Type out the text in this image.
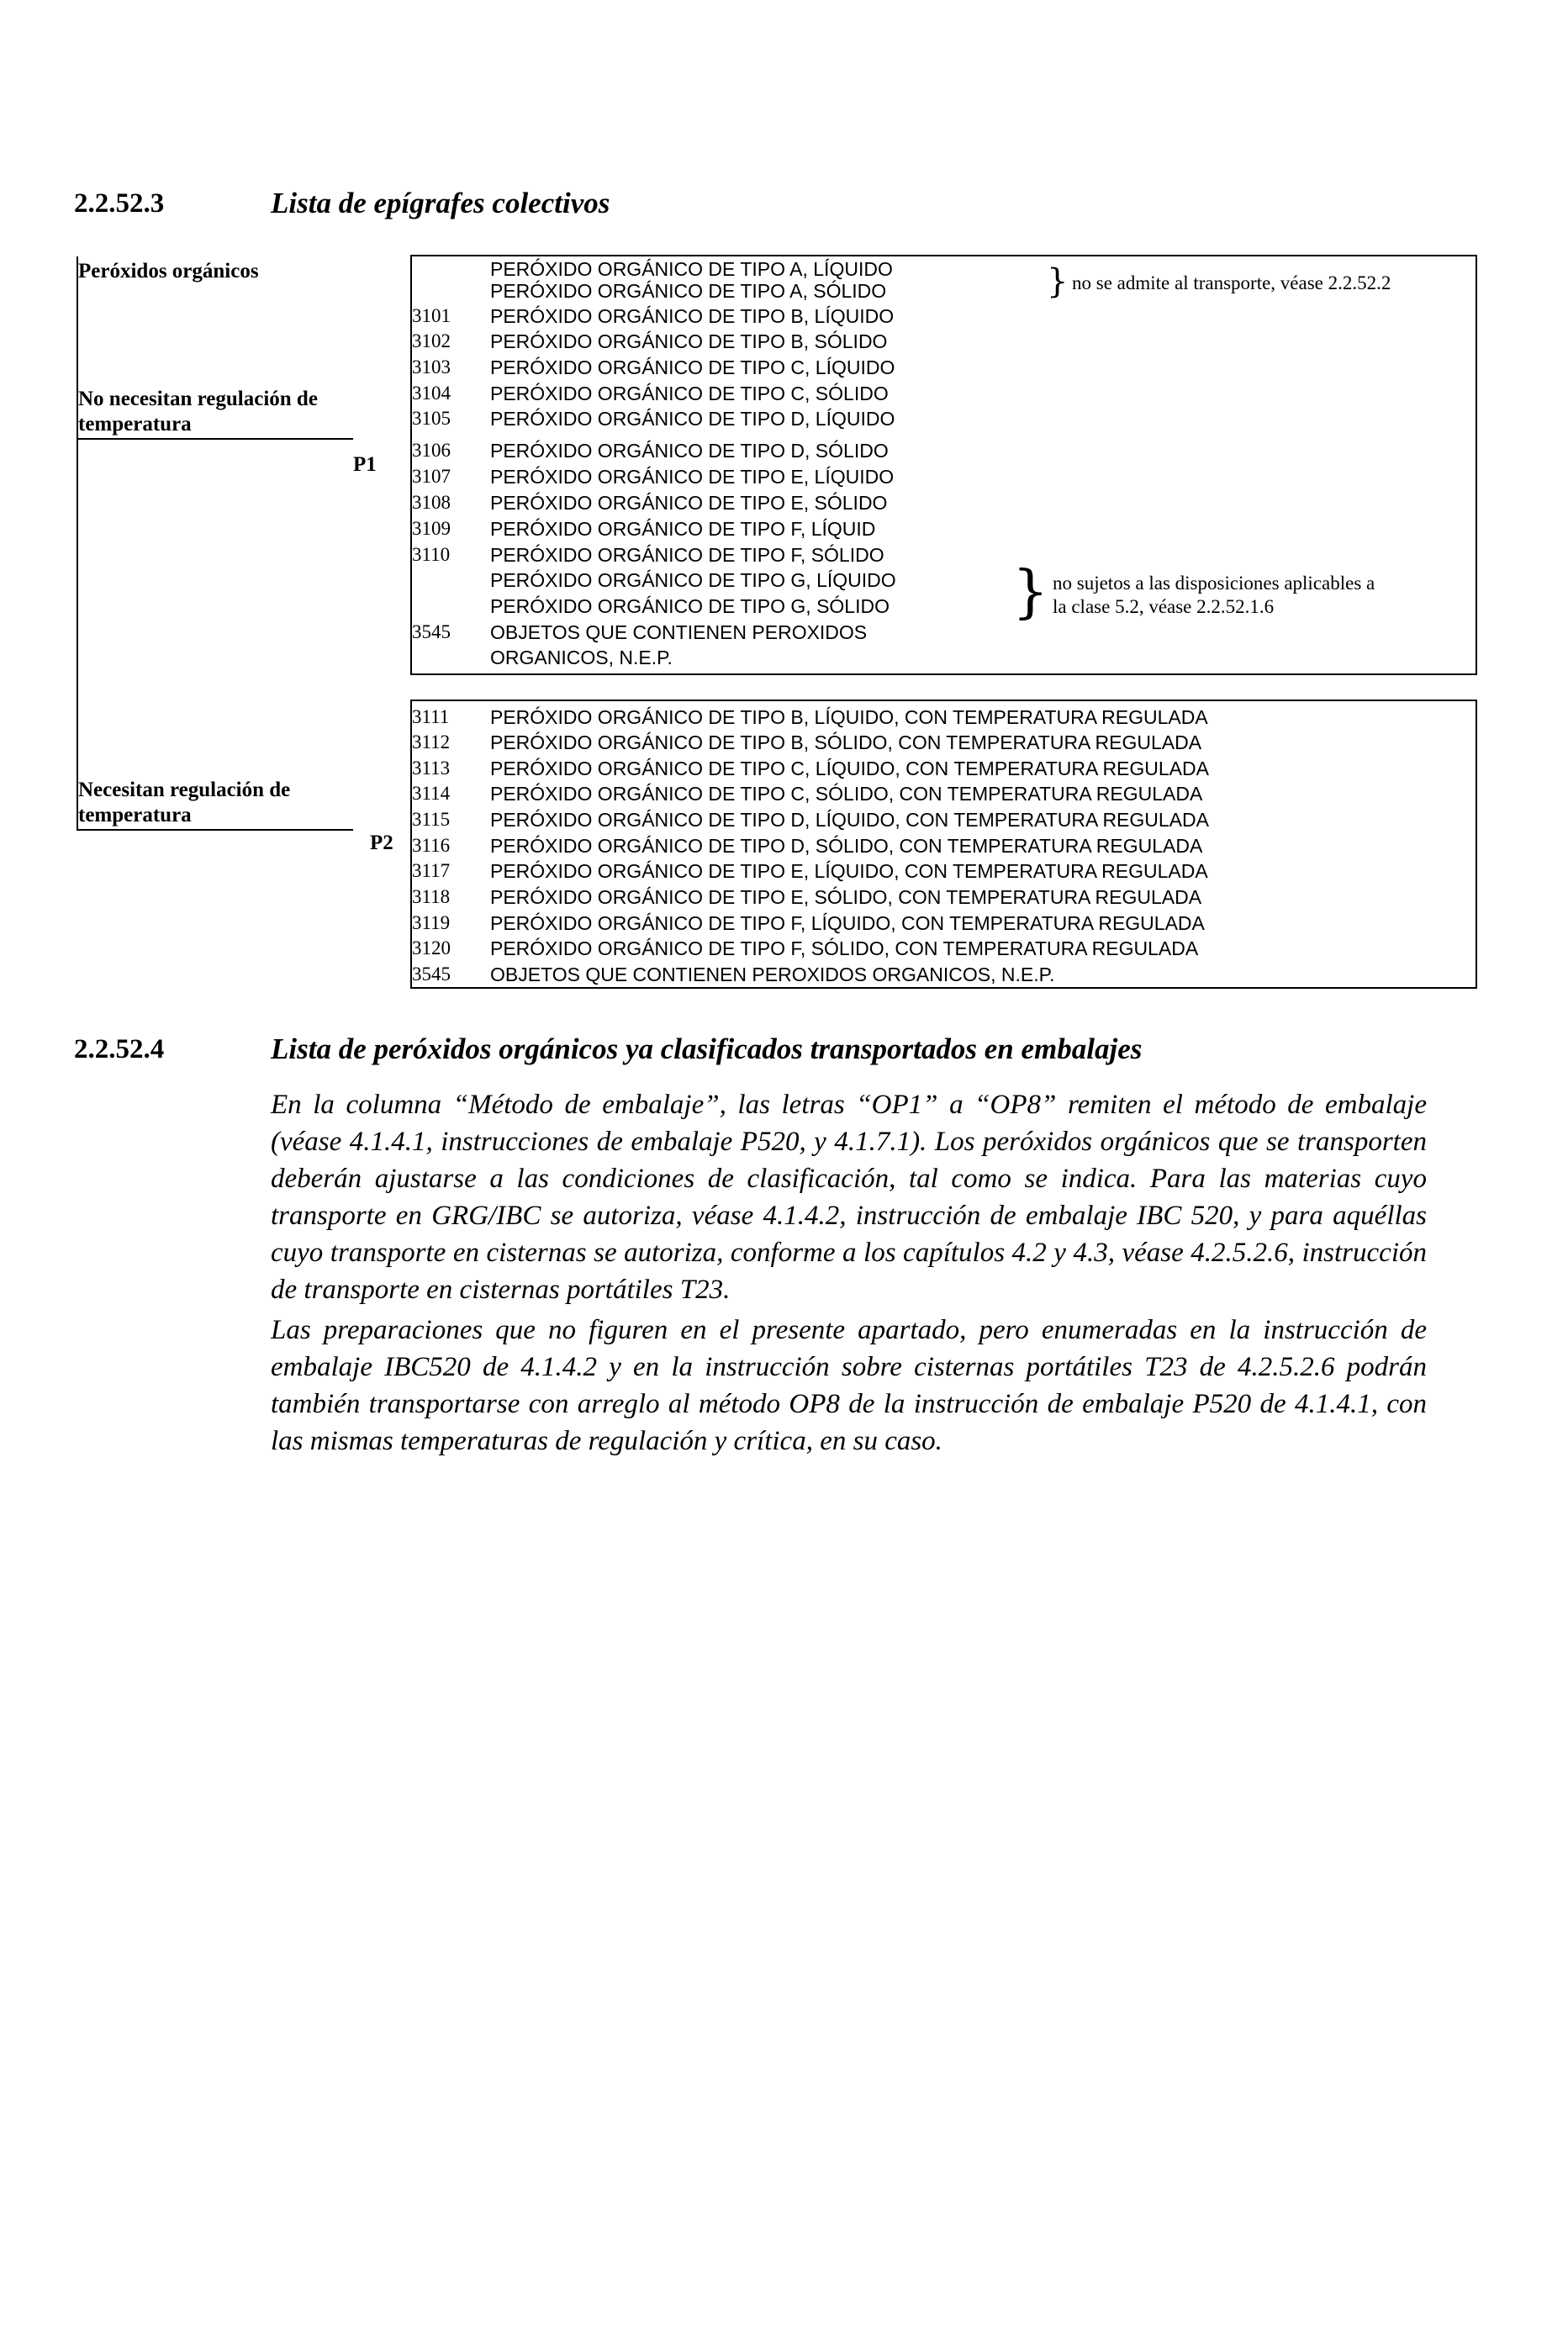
2.2.52.3	Lista de epígrafes colectivos
Peróxidos orgánicos
No necesitan regulación de
temperatura
P1
Necesitan regulación de
temperatura
P2
PERÓXIDO ORGÁNICO DE TIPO A, LÍQUIDO
PERÓXIDO ORGÁNICO DE TIPO A, SÓLIDO
3101 PERÓXIDO ORGÁNICO DE TIPO B, LÍQUIDO
3102 PERÓXIDO ORGÁNICO DE TIPO B, SÓLIDO
3103 PERÓXIDO ORGÁNICO DE TIPO C, LÍQUIDO
3104 PERÓXIDO ORGÁNICO DE TIPO C, SÓLIDO
3105 PERÓXIDO ORGÁNICO DE TIPO D, LÍQUIDO
3106 PERÓXIDO ORGÁNICO DE TIPO D, SÓLIDO
3107 PERÓXIDO ORGÁNICO DE TIPO E, LÍQUIDO
3108 PERÓXIDO ORGÁNICO DE TIPO E, SÓLIDO
3109 PERÓXIDO ORGÁNICO DE TIPO F, LÍQUID
3110 PERÓXIDO ORGÁNICO DE TIPO F, SÓLIDO
PERÓXIDO ORGÁNICO DE TIPO G, LÍQUIDO
PERÓXIDO ORGÁNICO DE TIPO G, SÓLIDO
3545 OBJETOS QUE CONTIENEN PEROXIDOS
ORGANICOS, N.E.P.
} no se admite al transporte, véase 2.2.52.2
} no sujetos a las disposiciones aplicables a
la clase 5.2, véase 2.2.52.1.6
3111 PERÓXIDO ORGÁNICO DE TIPO B, LÍQUIDO, CON TEMPERATURA REGULADA
3112 PERÓXIDO ORGÁNICO DE TIPO B, SÓLIDO, CON TEMPERATURA REGULADA
3113 PERÓXIDO ORGÁNICO DE TIPO C, LÍQUIDO, CON TEMPERATURA REGULADA
3114 PERÓXIDO ORGÁNICO DE TIPO C, SÓLIDO, CON TEMPERATURA REGULADA
3115 PERÓXIDO ORGÁNICO DE TIPO D, LÍQUIDO, CON TEMPERATURA REGULADA
3116 PERÓXIDO ORGÁNICO DE TIPO D, SÓLIDO, CON TEMPERATURA REGULADA
3117 PERÓXIDO ORGÁNICO DE TIPO E, LÍQUIDO, CON TEMPERATURA REGULADA
3118 PERÓXIDO ORGÁNICO DE TIPO E, SÓLIDO, CON TEMPERATURA REGULADA
3119 PERÓXIDO ORGÁNICO DE TIPO F, LÍQUIDO, CON TEMPERATURA REGULADA
3120 PERÓXIDO ORGÁNICO DE TIPO F, SÓLIDO, CON TEMPERATURA REGULADA
3545 OBJETOS QUE CONTIENEN PEROXIDOS ORGANICOS, N.E.P.
2.2.52.4	Lista de peróxidos orgánicos ya clasificados transportados en embalajes

En la columna “Método de embalaje”, las letras “OP1” a “OP8” remiten el método de embalaje (véase 4.1.4.1, instrucciones de embalaje P520, y 4.1.7.1). Los peróxidos orgánicos que se transporten deberán ajustarse a las condiciones de clasificación, tal como se indica. Para las materias cuyo transporte en GRG/IBC se autoriza, véase 4.1.4.2, instrucción de embalaje IBC 520, y para aquéllas cuyo transporte en cisternas se autoriza, conforme a los capítulos 4.2 y 4.3, véase 4.2.5.2.6, instrucción de transporte en cisternas portátiles T23.

Las preparaciones que no figuren en el presente apartado, pero enumeradas en la instrucción de embalaje IBC520 de 4.1.4.2 y en la instrucción sobre cisternas portátiles T23 de 4.2.5.2.6 podrán también transportarse con arreglo al método OP8 de la instrucción de embalaje P520 de 4.1.4.1, con las mismas temperaturas de regulación y crítica, en su caso.
